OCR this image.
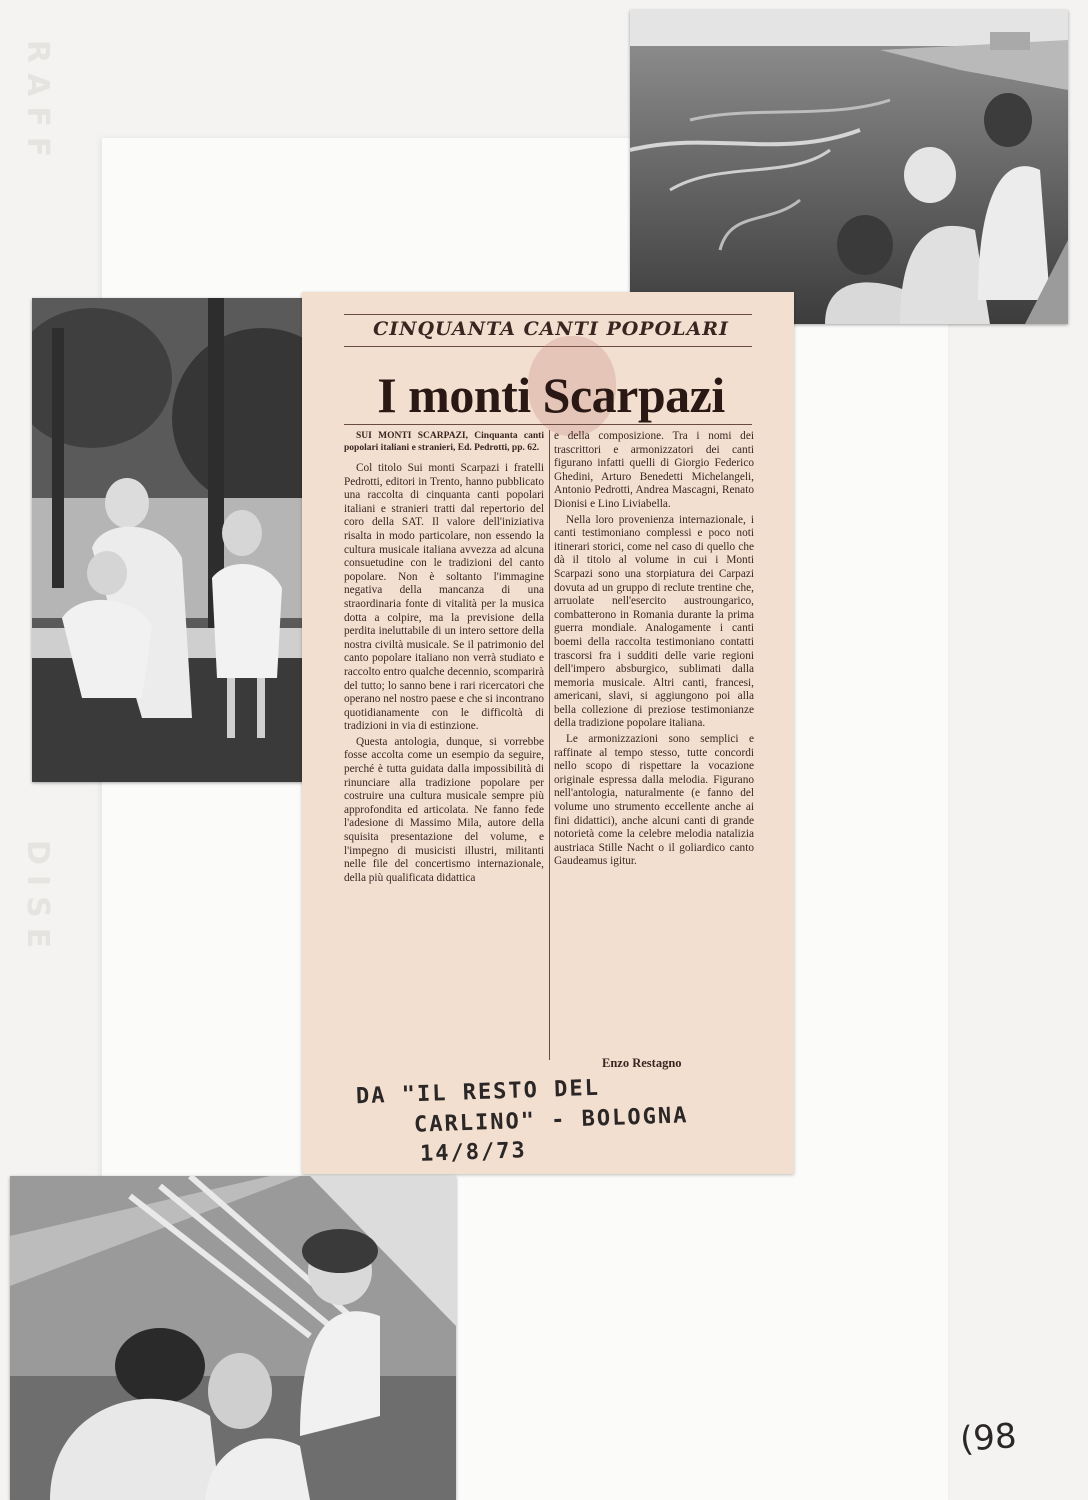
RAFF
DISE
CINQUANTA CANTI POPOLARI
I monti Scarpazi

SUI MONTI SCARPAZI, Cinquanta canti popolari italiani e stranieri, Ed. Pedrotti, pp. 62.

Col titolo Sui monti Scarpazi i fratelli Pedrotti, editori in Trento, hanno pubblicato una raccolta di cinquanta canti popolari italiani e stranieri tratti dal repertorio del coro della SAT. Il valore dell'iniziativa risalta in modo particolare, non essendo la cultura musicale italiana avvezza ad alcuna consuetudine con le tradizioni del canto popolare. Non è soltanto l'immagine negativa della mancanza di una straordinaria fonte di vitalità per la musica dotta a colpire, ma la previsione della perdita ineluttabile di un intero settore della nostra civiltà musicale. Se il patrimonio del canto popolare italiano non verrà studiato e raccolto entro qualche decennio, scomparirà del tutto; lo sanno bene i rari ricercatori che operano nel nostro paese e che si incontrano quotidianamente con le difficoltà di tradizioni in via di estinzione.

Questa antologia, dunque, si vorrebbe fosse accolta come un esempio da seguire, perché è tutta guidata dalla impossibilità di rinunciare alla tradizione popolare per costruire una cultura musicale sempre più approfondita ed articolata. Ne fanno fede l'adesione di Massimo Mila, autore della squisita presentazione del volume, e l'impegno di musicisti illustri, militanti nelle file del concertismo internazionale, della più qualificata didattica

e della composizione. Tra i nomi dei trascrittori e armonizzatori dei canti figurano infatti quelli di Giorgio Federico Ghedini, Arturo Benedetti Michelangeli, Antonio Pedrotti, Andrea Mascagni, Renato Dionisi e Lino Liviabella.

Nella loro provenienza internazionale, i canti testimoniano complessi e poco noti itinerari storici, come nel caso di quello che dà il titolo al volume in cui i Monti Scarpazi sono una storpiatura dei Carpazi dovuta ad un gruppo di reclute trentine che, arruolate nell'esercito austroungarico, combatterono in Romania durante la prima guerra mondiale. Analogamente i canti boemi della raccolta testimoniano contatti trascorsi fra i sudditi delle varie regioni dell'impero absburgico, sublimati dalla memoria musicale. Altri canti, francesi, americani, slavi, si aggiungono poi alla bella collezione di preziose testimonianze della tradizione popolare italiana.

Le armonizzazioni sono semplici e raffinate al tempo stesso, tutte concordi nello scopo di rispettare la vocazione originale espressa dalla melodia. Figurano nell'antologia, naturalmente (e fanno del volume uno strumento eccellente anche ai fini didattici), anche alcuni canti di grande notorietà come la celebre melodia natalizia austriaca Stille Nacht o il goliardico canto Gaudeamus igitur.

Enzo Restagno
DA "IL RESTO DEL
CARLINO" - BOLOGNA
14/8/73
(98
